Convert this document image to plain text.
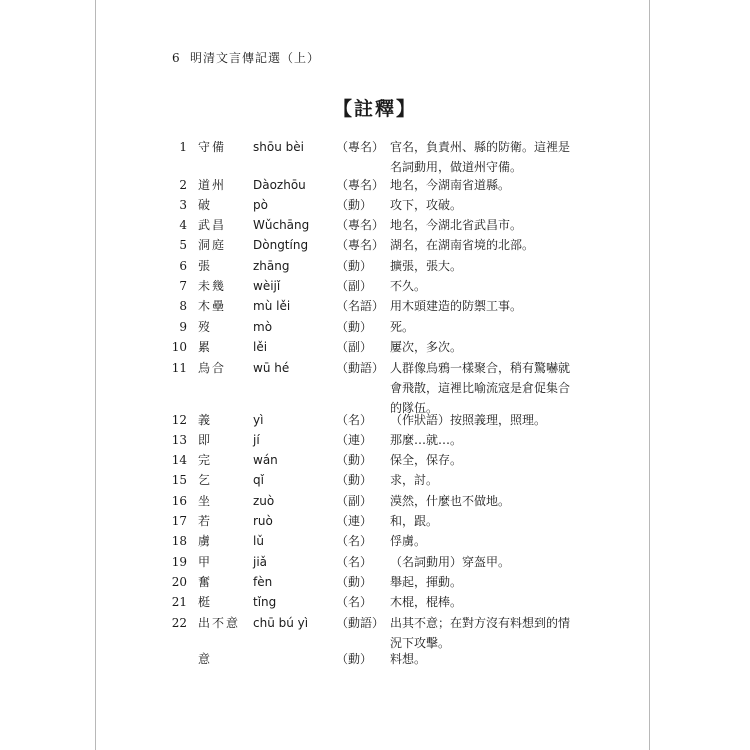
6 明清文言傳記選（上）
【註釋】
1 守備 shōu bèi	（專名） 官名，負責州、縣的防衛。這裡是名詞動用，做道州守備。
2 道州 Dàozhōu	（專名） 地名，今湖南省道縣。
3 破	pò	（動） 攻下，攻破。
4 武昌 Wǔchāng （專名） 地名，今湖北省武昌市。
5 洞庭 Dòngtíng （專名） 湖名，在湖南省境的北部。
6 張	zhāng	（動） 擴張，張大。
7 未幾 wèijǐ	（副） 不久。
8 木壘 mù lěi	（名語） 用木頭建造的防禦工事。
9 歿	mò	（動） 死。
10 累	lěi	（副） 屢次，多次。
11 烏合 wū hé	（動語） 人群像烏鴉一樣聚合，稍有驚嚇就會飛散，這裡比喻流寇是倉促集合的隊伍。
12 義	yì	（名） （作狀語）按照義理，照理。
13 即	jí	（連） 那麼…就…。
14 完	wán	（動） 保全，保存。
15 乞	qǐ	（動） 求，討。
16 坐	zuò	（副） 漠然，什麼也不做地。
17 若	ruò	（連） 和，跟。
18 虜	lǔ	（名） 俘虜。
19 甲	jiǎ	（名） （名詞動用）穿盔甲。
20 奮	fèn	（動） 舉起，揮動。
21 梃	tǐng	（名） 木棍，棍棒。
22 出不意 chū bú yì （動語） 出其不意；在對方沒有料想到的情況下攻擊。
意	（動） 料想。
